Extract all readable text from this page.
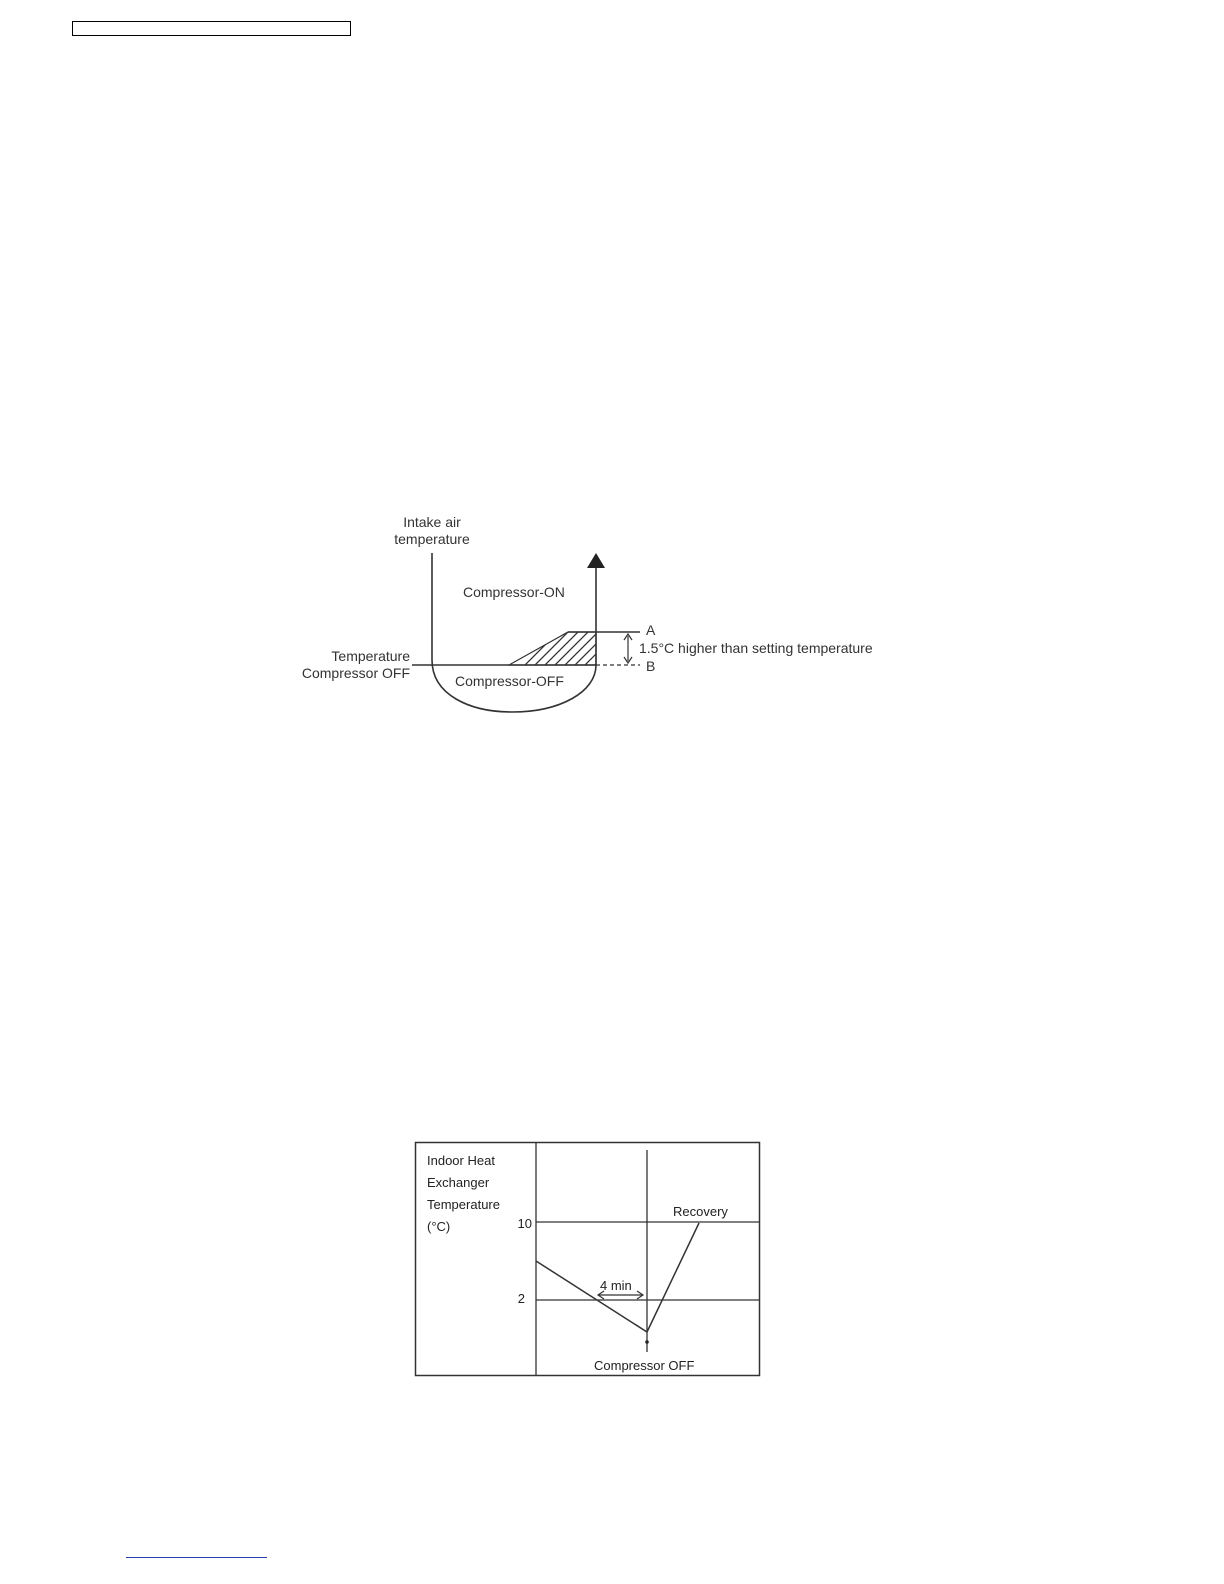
Intake air
temperature
Compressor-ON
Compressor-OFF
Temperature
Compressor OFF
A
B
1.5°C higher than setting temperature
Indoor Heat
Exchanger
Temperature
(°C)	10
2
Recovery
4 min
Compressor OFF
